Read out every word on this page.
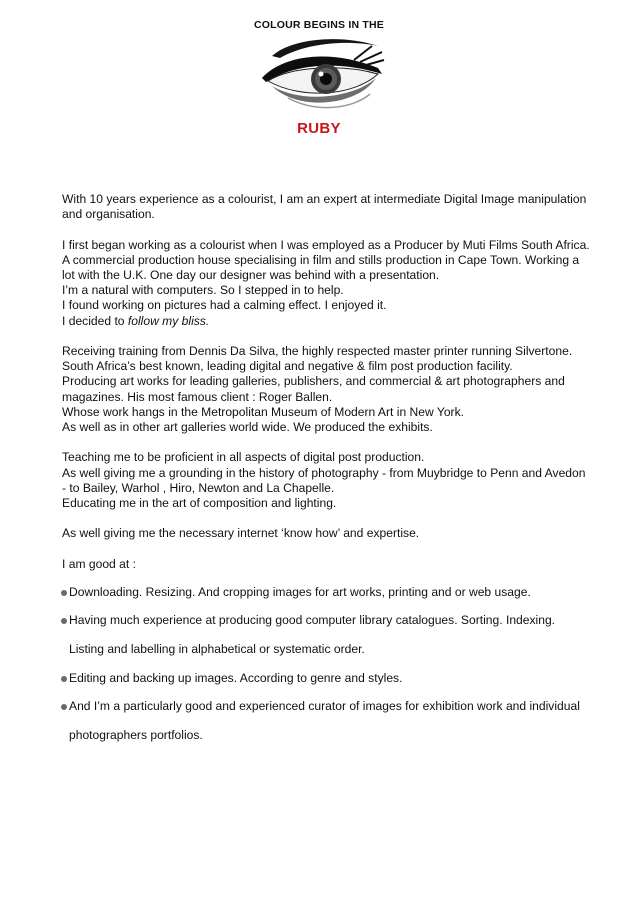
COLOUR BEGINS IN THE
RUBY
With 10 years experience as a colourist, I am an expert at intermediate Digital Image manipulation
and organisation.
I first began working as a colourist when I was employed as a Producer by Muti Films South Africa.
A commercial production house specialising in film and stills production in Cape Town. Working a
lot with the U.K. One day our designer was behind with a presentation.
I’m a natural with computers. So I stepped in to help.
I found working on pictures had a calming effect. I enjoyed it.
I decided to follow my bliss.
Receiving training from Dennis Da Silva, the highly respected master printer running Silvertone.
South Africa’s best known, leading digital and negative & film post production facility.
Producing art works for leading galleries, publishers, and commercial & art photographers and
magazines. His most famous client : Roger Ballen.
Whose work hangs in the Metropolitan Museum of Modern Art in New York.
As well as in other art galleries world wide. We produced the exhibits.
Teaching me to be proficient in all aspects of digital post production.
As well giving me a grounding in the history of photography - from Muybridge to Penn and Avedon
- to Bailey, Warhol , Hiro, Newton and La Chapelle.
Educating me in the art of composition and lighting.
As well giving me the necessary internet ‘know how’ and expertise.
I am good at :

Downloading. Resizing. And cropping images for art works, printing and or web usage.

Having much experience at producing good computer library catalogues. Sorting. Indexing.

Listing and labelling in alphabetical or systematic order.

Editing and backing up images. According to genre and styles.

And I’m a particularly good and experienced curator of images for exhibition work and individual

photographers portfolios.
